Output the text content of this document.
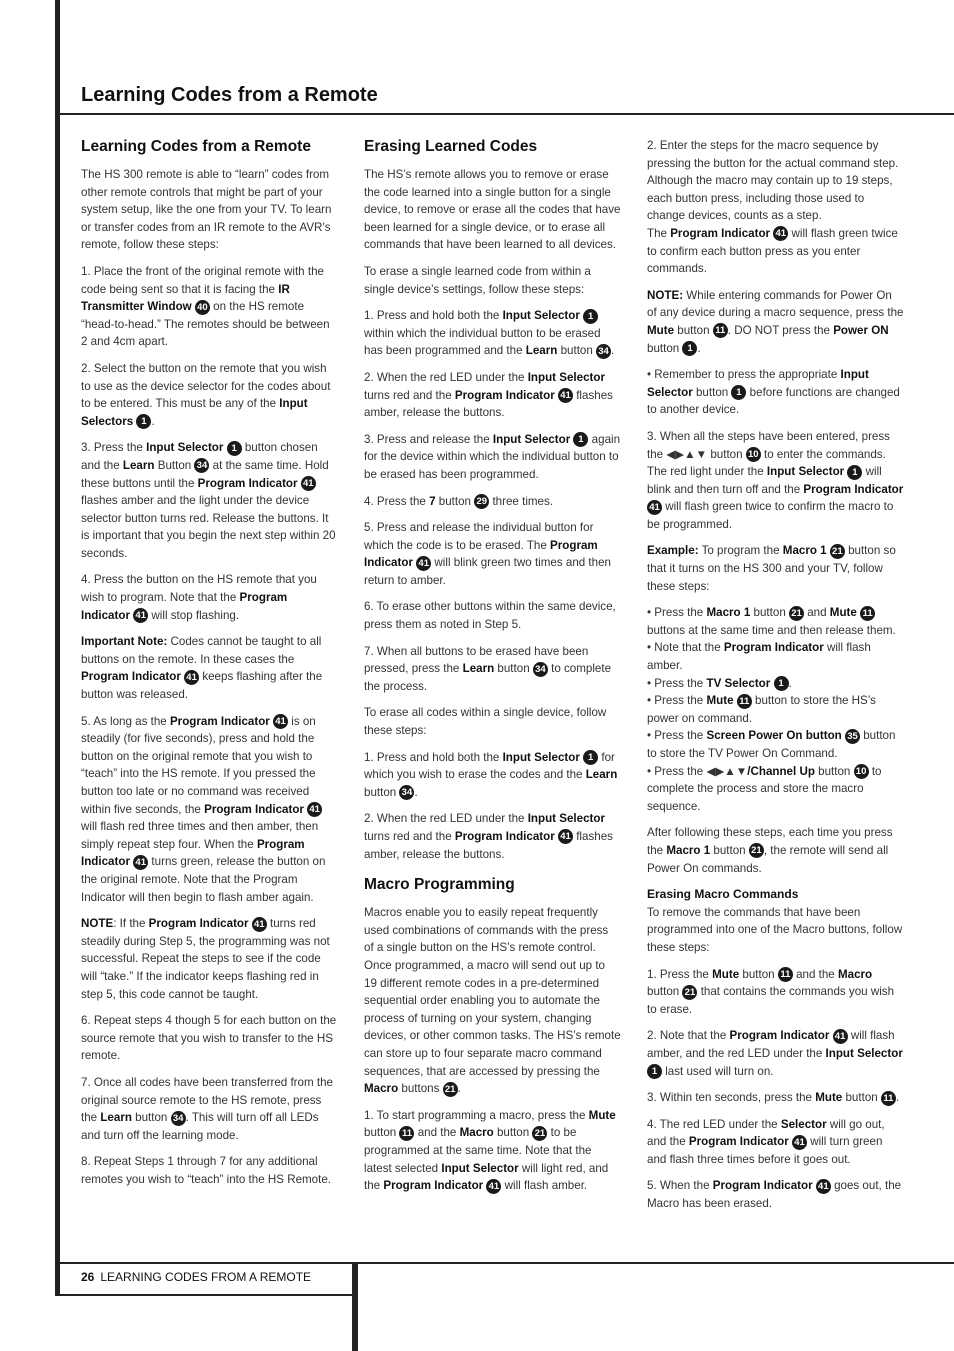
Learning Codes from a Remote
Learning Codes from a Remote

The HS 300 remote is able to “learn” codes from other remote controls that might be part of your system setup, like the one from your TV. To learn or transfer codes from an IR remote to the AVR’s remote, follow these steps:

1. Place the front of the original remote with the code being sent so that it is facing the IR Transmitter Window 40 on the HS remote “head-to-head.” The remotes should be between 2 and 4cm apart.

2. Select the button on the remote that you wish to use as the device selector for the codes about to be entered. This must be any of the Input Selectors 1 .

3. Press the Input Selector 1 button chosen and the Learn Button 34 at the same time. Hold these buttons until the Program Indicator 41 flashes amber and the light under the device selector button turns red. Release the buttons. It is important that you begin the next step within 20 seconds.

4. Press the button on the HS remote that you wish to program. Note that the Program Indicator 41 will stop flashing.

Important Note: Codes cannot be taught to all buttons on the remote. In these cases the Program Indicator 41 keeps flashing after the button was released.

5. As long as the Program Indicator 41 is on steadily (for five seconds), press and hold the button on the original remote that you wish to “teach” into the HS remote. If you pressed the button too late or no command was received within five seconds, the Program Indicator 41 will flash red three times and then amber, then simply repeat step four. When the Program Indicator 41 turns green, release the button on the original remote. Note that the Program Indicator will then begin to flash amber again.

NOTE: If the Program Indicator 41 turns red steadily during Step 5, the programming was not successful. Repeat the steps to see if the code will “take.” If the indicator keeps flashing red in step 5, this code cannot be taught.

6. Repeat steps 4 though 5 for each button on the source remote that you wish to transfer to the HS remote.

7. Once all codes have been transferred from the original source remote to the HS remote, press the Learn button 34 . This will turn off all LEDs and turn off the learning mode.

8. Repeat Steps 1 through 7 for any additional remotes you wish to “teach” into the HS Remote.

Erasing Learned Codes

The HS’s remote allows you to remove or erase the code learned into a single button for a single device, to remove or erase all the codes that have been learned for a single device, or to erase all commands that have been learned to all devices.

To erase a single learned code from within a single device’s settings, follow these steps:

1. Press and hold both the Input Selector 1 within which the individual button to be erased has been programmed and the Learn button 34 .

2. When the red LED under the Input Selector turns red and the Program Indicator 41 flashes amber, release the buttons.

3. Press and release the Input Selector 1 again for the device within which the individual button to be erased has been programmed.

4. Press the 7 button 29 three times.

5. Press and release the individual button for which the code is to be erased. The Program Indicator 41 will blink green two times and then return to amber.

6. To erase other buttons within the same device, press them as noted in Step 5.

7. When all buttons to be erased have been pressed, press the Learn button 34 to complete the process.

To erase all codes within a single device, follow these steps:

1. Press and hold both the Input Selector 1 for which you wish to erase the codes and the Learn button 34 .

2. When the red LED under the Input Selector turns red and the Program Indicator 41 flashes amber, release the buttons.

Macro Programming

Macros enable you to easily repeat frequently used combinations of commands with the press of a single button on the HS’s remote control. Once programmed, a macro will send out up to 19 different remote codes in a pre-determined sequential order enabling you to automate the process of turning on your system, changing devices, or other common tasks. The HS’s remote can store up to four separate macro command sequences, that are accessed by pressing the Macro buttons 21 .

1. To start programming a macro, press the Mute button 11 and the Macro button 21 to be programmed at the same time. Note that the latest selected Input Selector will light red, and the Program Indicator 41 will flash amber.

2. Enter the steps for the macro sequence by pressing the button for the actual command step. Although the macro may contain up to 19 steps, each button press, including those used to change devices, counts as a step.

The Program Indicator 41 will flash green twice to confirm each button press as you enter commands.

NOTE: While entering commands for Power On of any device during a macro sequence, press the Mute button 11 . DO NOT press the Power ON button 1 .

• Remember to press the appropriate Input Selector button 1 before functions are changed to another device.

3. When all the steps have been entered, press the ◀▶▲▼ button 10 to enter the commands. The red light under the Input Selector 1 will blink and then turn off and the Program Indicator 41 will flash green twice to confirm the macro to be programmed.

Example: To program the Macro 1 21 button so that it turns on the HS 300 and your TV, follow these steps:

• Press the Macro 1 button 21 and Mute 11 buttons at the same time and then release them.

• Note that the Program Indicator will flash amber.

• Press the TV Selector 1 .

• Press the Mute 11 button to store the HS’s power on command.

• Press the Screen Power On button 35 button to store the TV Power On Command.

• Press the ◀▶▲▼/Channel Up button 10 to complete the process and store the macro sequence.

After following these steps, each time you press the Macro 1 button 21 , the remote will send all Power On commands.

Erasing Macro Commands

To remove the commands that have been programmed into one of the Macro buttons, follow these steps:

1. Press the Mute button 11 and the Macro button 21 that contains the commands you wish to erase.

2. Note that the Program Indicator 41 will flash amber, and the red LED under the Input Selector 1 last used will turn on.

3. Within ten seconds, press the Mute button 11 .

4. The red LED under the Selector will go out, and the Program Indicator 41 will turn green and flash three times before it goes out.

5. When the Program Indicator 41 goes out, the Macro has been erased.

26 LEARNING CODES FROM A REMOTE
